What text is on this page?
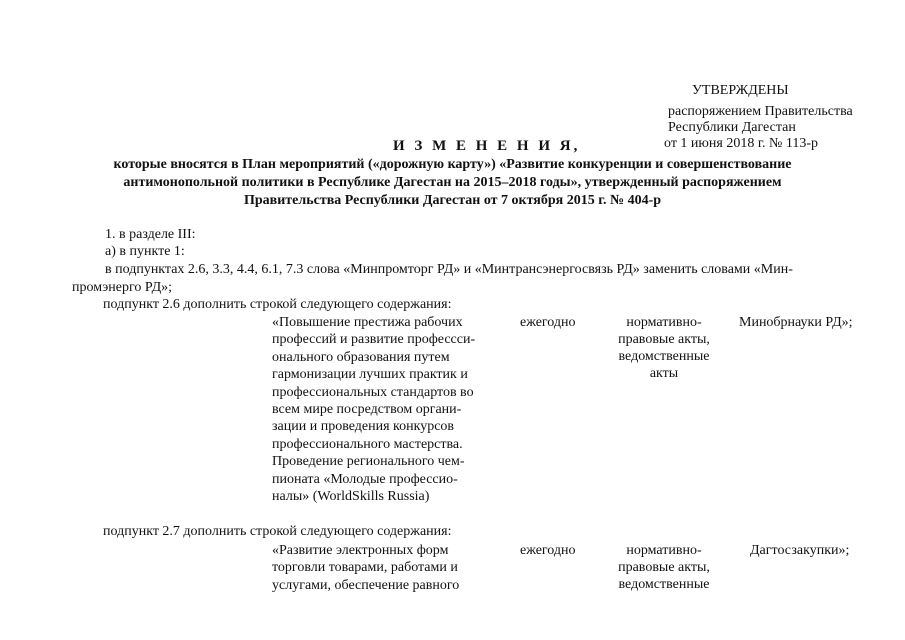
УТВЕРЖДЕНЫ
распоряжением Правительства
Республики Дагестан
от 1 июня 2018 г. № 113-р
И З М Е Н Е Н И Я,
которые вносятся в План мероприятий («дорожную карту») «Развитие конкуренции и совершенствование
антимонопольной политики в Республике Дагестан на 2015–2018 годы», утвержденный распоряжением
Правительства Республики Дагестан от 7 октября 2015 г. № 404-р
1. в разделе III:
а) в пункте 1:
в подпунктах 2.6, 3.3, 4.4, 6.1, 7.3 слова «Минпромторг РД» и «Минтрансэнергосвязь РД» заменить словами «Мин-
промэнерго РД»;
подпункт 2.6 дополнить строкой следующего содержания:
«Повышение престижа рабочих
профессий и развитие профессси-
онального образования путем
гармонизации лучших практик и
профессиональных стандартов во
всем мире посредством органи-
зации и проведения конкурсов
профессионального мастерства.
Проведение регионального чем-
пионата «Молодые профессио-
налы» (WorldSkills Russia)
ежегодно	нормативно-
правовые акты,
ведомственные
акты
Минобрнауки РД»;
подпункт 2.7 дополнить строкой следующего содержания:
«Развитие электронных форм
торговли товарами, работами и
услугами, обеспечение равного
ежегодно	нормативно-
правовые акты,
ведомственные
Дагтосзакупки»;
